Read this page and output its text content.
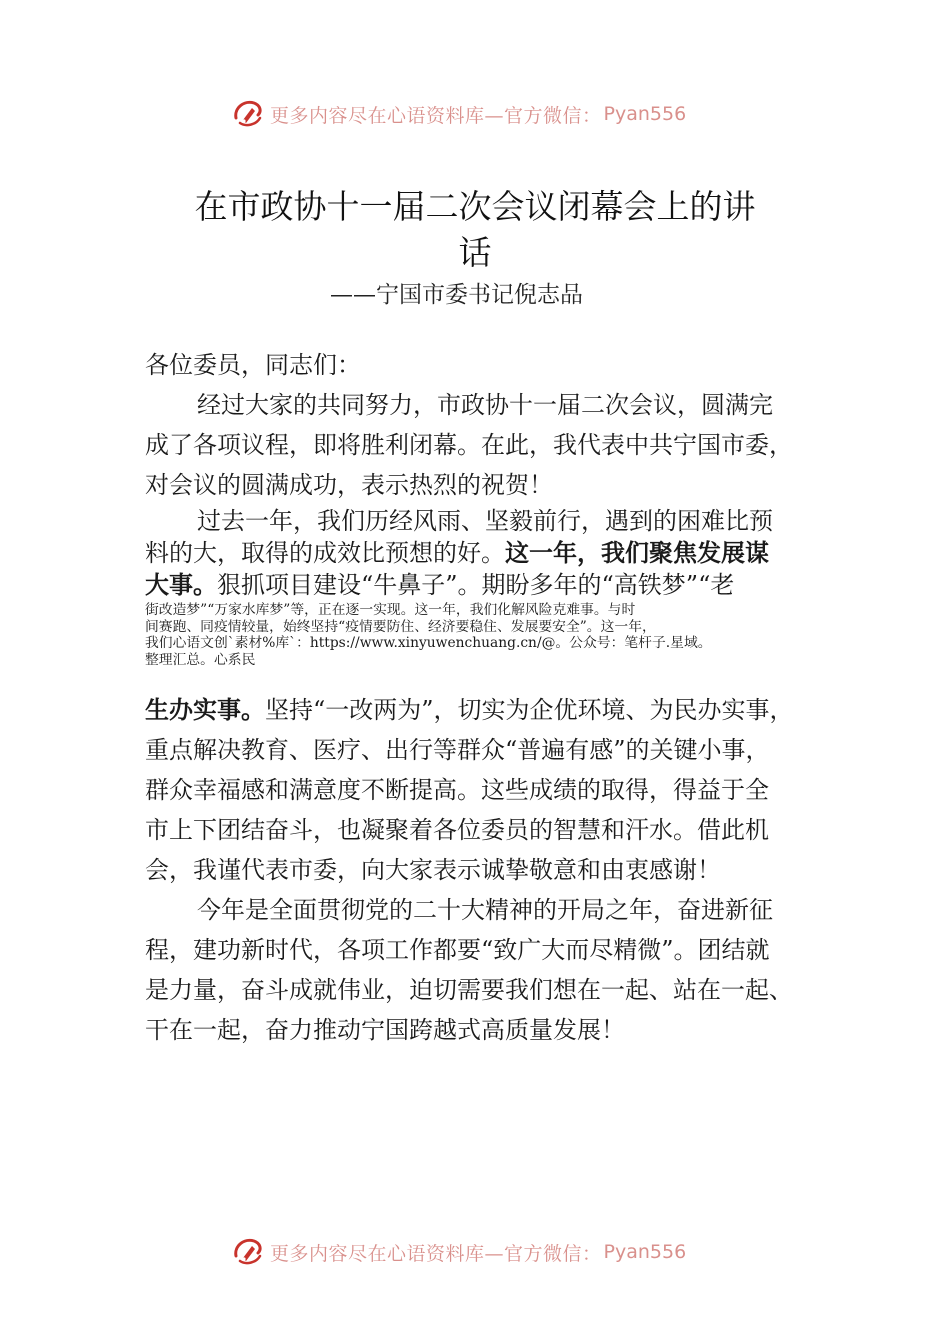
更多内容尽在心语资料库—官方微信： Pyan556
在市政协十一届二次会议闭幕会上的讲
话
——宁国市委书记倪志品
各位委员，同志们：
经过大家的共同努力，市政协十一届二次会议，圆满完
成了各项议程，即将胜利闭幕。在此，我代表中共宁国市委，
对会议的圆满成功，表示热烈的祝贺！
过去一年，我们历经风雨、坚毅前行，遇到的困难比预
料的大，取得的成效比预想的好。这一年，我们聚焦发展谋
大事。狠抓项目建设“牛鼻子”。期盼多年的“高铁梦”“老
街改造梦”“万家水库梦”等，正在逐一实现。这一年，我们化解风险克难事。与时
间赛跑、同疫情较量，始终坚持“疫情要防住、经济要稳住、发展要安全”。这一年，
我们心语文创`素材%库`：https://www.xinyuwenchuang.cn/@。公众号：笔杆子.星域。
整理汇总。心系民
生办实事。坚持“一改两为”，切实为企优环境、为民办实事，
重点解决教育、医疗、出行等群众“普遍有感”的关键小事，
群众幸福感和满意度不断提高。这些成绩的取得，得益于全
市上下团结奋斗，也凝聚着各位委员的智慧和汗水。借此机
会，我谨代表市委，向大家表示诚挚敬意和由衷感谢！
今年是全面贯彻党的二十大精神的开局之年，奋进新征
程，建功新时代，各项工作都要“致广大而尽精微”。团结就
是力量，奋斗成就伟业，迫切需要我们想在一起、站在一起、
干在一起，奋力推动宁国跨越式高质量发展！
更多内容尽在心语资料库—官方微信： Pyan556
